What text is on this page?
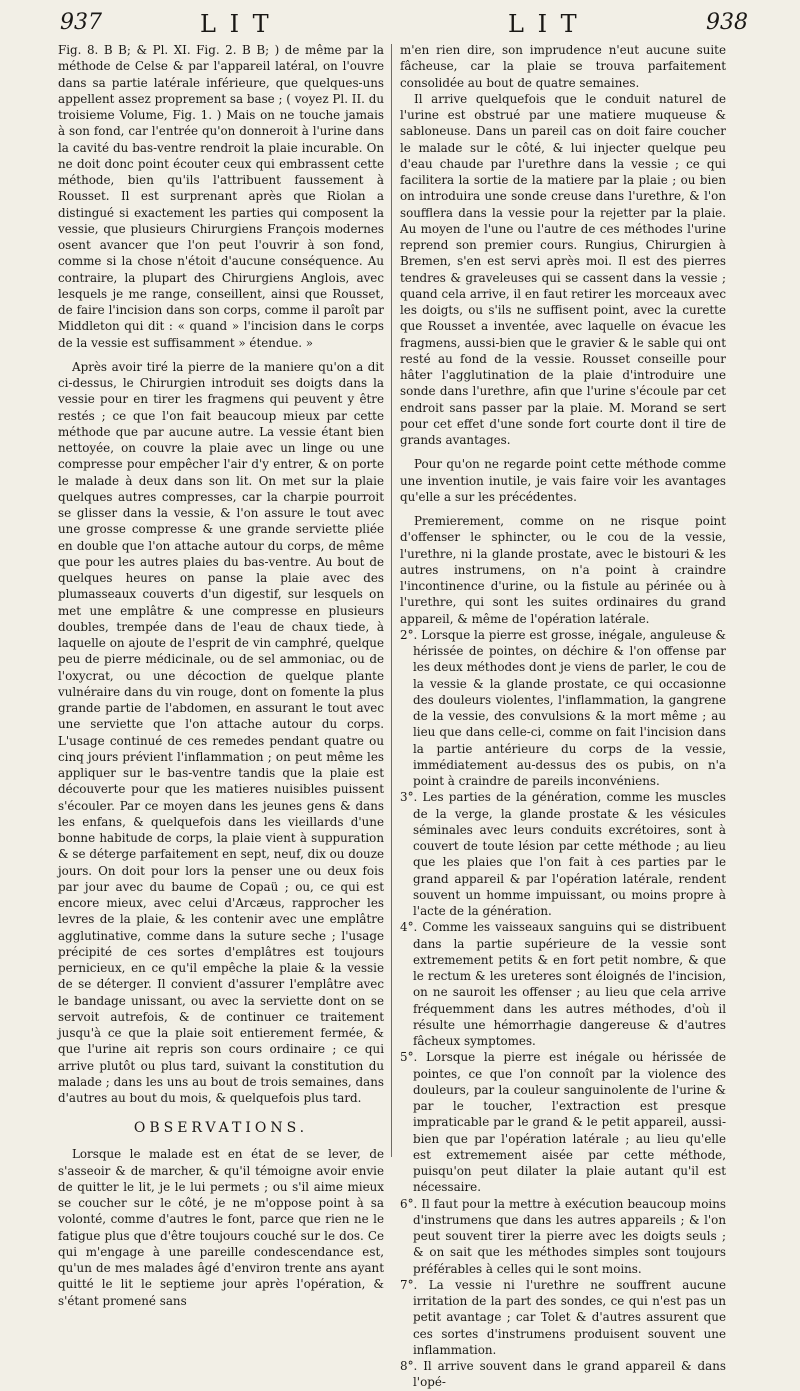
937	L I T	L I T	938

Fig. 8. B B; & Pl. XI. Fig. 2. B B; ) de même par la méthode de Celse & par l'appareil latéral, on l'ouvre dans sa partie latérale inférieure, que quelques-uns appellent assez proprement sa base ; ( voyez Pl. II. du troisieme Volume, Fig. 1. ) Mais on ne touche jamais à son fond, car l'entrée qu'on donneroit à l'urine dans la cavité du bas-ventre rendroit la plaie incurable. On ne doit donc point écouter ceux qui embrassent cette méthode, bien qu'ils l'attribuent faussement à Rousset. Il est surprenant après que Riolan a distingué si exactement les parties qui composent la vessie, que plusieurs Chirurgiens François modernes osent avancer que l'on peut l'ouvrir à son fond, comme si la chose n'étoit d'aucune conséquence. Au contraire, la plupart des Chirurgiens Anglois, avec lesquels je me range, conseillent, ainsi que Rousset, de faire l'incision dans son corps, comme il paroît par Middleton qui dit : « quand » l'incision dans le corps de la vessie est suffisamment » étendue. »

Après avoir tiré la pierre de la maniere qu'on a dit ci-dessus, le Chirurgien introduit ses doigts dans la vessie pour en tirer les fragmens qui peuvent y être restés ; ce que l'on fait beaucoup mieux par cette méthode que par aucune autre. La vessie étant bien nettoyée, on couvre la plaie avec un linge ou une compresse pour empêcher l'air d'y entrer, & on porte le malade à deux dans son lit. On met sur la plaie quelques autres compresses, car la charpie pourroit se glisser dans la vessie, & l'on assure le tout avec une grosse compresse & une grande serviette pliée en double que l'on attache autour du corps, de même que pour les autres plaies du bas-ventre. Au bout de quelques heures on panse la plaie avec des plumasseaux couverts d'un digestif, sur lesquels on met une emplâtre & une compresse en plusieurs doubles, trempée dans de l'eau de chaux tiede, à laquelle on ajoute de l'esprit de vin camphré, quelque peu de pierre médicinale, ou de sel ammoniac, ou de l'oxycrat, ou une décoction de quelque plante vulnéraire dans du vin rouge, dont on fomente la plus grande partie de l'abdomen, en assurant le tout avec une serviette que l'on attache autour du corps. L'usage continué de ces remedes pendant quatre ou cinq jours prévient l'inflammation ; on peut même les appliquer sur le bas-ventre tandis que la plaie est découverte pour que les matieres nuisibles puissent s'écouler. Par ce moyen dans les jeunes gens & dans les enfans, & quelquefois dans les vieillards d'une bonne habitude de corps, la plaie vient à suppuration & se déterge parfaitement en sept, neuf, dix ou douze jours. On doit pour lors la penser une ou deux fois par jour avec du baume de Copaü ; ou, ce qui est encore mieux, avec celui d'Arcæus, rapprocher les levres de la plaie, & les contenir avec une emplâtre agglutinative, comme dans la suture seche ; l'usage précipité de ces sortes d'emplâtres est toujours pernicieux, en ce qu'il empêche la plaie & la vessie de se déterger. Il convient d'assurer l'emplâtre avec le bandage unissant, ou avec la serviette dont on se servoit autrefois, & de continuer ce traitement jusqu'à ce que la plaie soit entierement fermée, & que l'urine ait repris son cours ordinaire ; ce qui arrive plutôt ou plus tard, suivant la constitution du malade ; dans les uns au bout de trois semaines, dans d'autres au bout du mois, & quelquefois plus tard.

OBSERVATIONS.

Lorsque le malade est en état de se lever, de s'asseoir & de marcher, & qu'il témoigne avoir envie de quitter le lit, je le lui permets ; ou s'il aime mieux se coucher sur le côté, je ne m'oppose point à sa volonté, comme d'autres le font, parce que rien ne le fatigue plus que d'être toujours couché sur le dos. Ce qui m'engage à une pareille condescendance est, qu'un de mes malades âgé d'environ trente ans ayant quitté le lit le septieme jour après l'opération, & s'étant promené sans

m'en rien dire, son imprudence n'eut aucune suite fâcheuse, car la plaie se trouva parfaitement consolidée au bout de quatre semaines.

Il arrive quelquefois que le conduit naturel de l'urine est obstrué par une matiere muqueuse & sabloneuse. Dans un pareil cas on doit faire coucher le malade sur le côté, & lui injecter quelque peu d'eau chaude par l'urethre dans la vessie ; ce qui facilitera la sortie de la matiere par la plaie ; ou bien on introduira une sonde creuse dans l'urethre, & l'on soufflera dans la vessie pour la rejetter par la plaie. Au moyen de l'une ou l'autre de ces méthodes l'urine reprend son premier cours. Rungius, Chirurgien à Bremen, s'en est servi après moi. Il est des pierres tendres & graveleuses qui se cassent dans la vessie ; quand cela arrive, il en faut retirer les morceaux avec les doigts, ou s'ils ne suffisent point, avec la curette que Rousset a inventée, avec laquelle on évacue les fragmens, aussi-bien que le gravier & le sable qui ont resté au fond de la vessie. Rousset conseille pour hâter l'agglutination de la plaie d'introduire une sonde dans l'urethre, afin que l'urine s'écoule par cet endroit sans passer par la plaie. M. Morand se sert pour cet effet d'une sonde fort courte dont il tire de grands avantages.

Pour qu'on ne regarde point cette méthode comme une invention inutile, je vais faire voir les avantages qu'elle a sur les précédentes.

Premierement, comme on ne risque point d'offenser le sphincter, ou le cou de la vessie, l'urethre, ni la glande prostate, avec le bistouri & les autres instrumens, on n'a point à craindre l'incontinence d'urine, ou la fistule au périnée ou à l'urethre, qui sont les suites ordinaires du grand appareil, & même de l'opération latérale.

2°. Lorsque la pierre est grosse, inégale, anguleuse & hérissée de pointes, on déchire & l'on offense par les deux méthodes dont je viens de parler, le cou de la vessie & la glande prostate, ce qui occasionne des douleurs violentes, l'inflammation, la gangrene de la vessie, des convulsions & la mort même ; au lieu que dans celle-ci, comme on fait l'incision dans la partie antérieure du corps de la vessie, immédiatement au-dessus des os pubis, on n'a point à craindre de pareils inconvéniens.

3°. Les parties de la génération, comme les muscles de la verge, la glande prostate & les vésicules séminales avec leurs conduits excrétoires, sont à couvert de toute lésion par cette méthode ; au lieu que les plaies que l'on fait à ces parties par le grand appareil & par l'opération latérale, rendent souvent un homme impuissant, ou moins propre à l'acte de la génération.

4°. Comme les vaisseaux sanguins qui se distribuent dans la partie supérieure de la vessie sont extremement petits & en fort petit nombre, & que le rectum & les ureteres sont éloignés de l'incision, on ne sauroit les offenser ; au lieu que cela arrive fréquemment dans les autres méthodes, d'où il résulte une hémorrhagie dangereuse & d'autres fâcheux symptomes.

5°. Lorsque la pierre est inégale ou hérissée de pointes, ce que l'on connoît par la violence des douleurs, par la couleur sanguinolente de l'urine & par le toucher, l'extraction est presque impraticable par le grand & le petit appareil, aussi-bien que par l'opération latérale ; au lieu qu'elle est extremement aisée par cette méthode, puisqu'on peut dilater la plaie autant qu'il est nécessaire.

6°. Il faut pour la mettre à exécution beaucoup moins d'instrumens que dans les autres appareils ; & l'on peut souvent tirer la pierre avec les doigts seuls ; & on sait que les méthodes simples sont toujours préférables à celles qui le sont moins.

7°. La vessie ni l'urethre ne souffrent aucune irritation de la part des sondes, ce qui n'est pas un petit avantage ; car Tolet & d'autres assurent que ces sortes d'instrumens produisent souvent une inflammation.

8°. Il arrive souvent dans le grand appareil & dans l'opé-
